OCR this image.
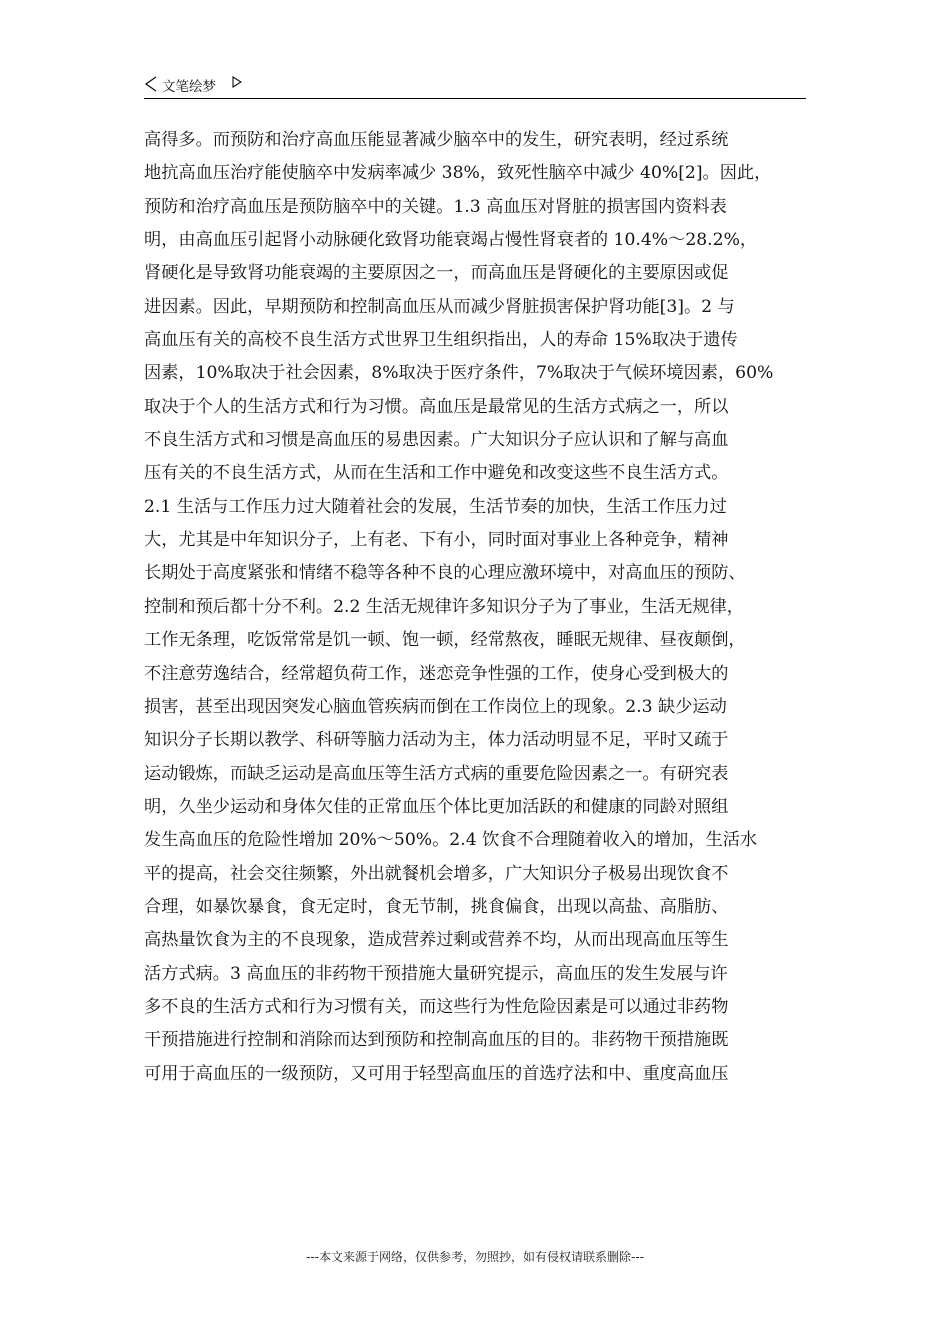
文笔绘梦
高得多。而预防和治疗高血压能显著减少脑卒中的发生，研究表明，经过系统
地抗高血压治疗能使脑卒中发病率减少 38%，致死性脑卒中减少 40%[2]。因此，
预防和治疗高血压是预防脑卒中的关键。1.3 高血压对肾脏的损害国内资料表
明，由高血压引起肾小动脉硬化致肾功能衰竭占慢性肾衰者的 10.4%～28.2%，
肾硬化是导致肾功能衰竭的主要原因之一，而高血压是肾硬化的主要原因或促
进因素。因此，早期预防和控制高血压从而减少肾脏损害保护肾功能[3]。2 与
高血压有关的高校不良生活方式世界卫生组织指出，人的寿命 15%取决于遗传
因素，10%取决于社会因素，8%取决于医疗条件，7%取决于气候环境因素，60%
取决于个人的生活方式和行为习惯。高血压是最常见的生活方式病之一，所以
不良生活方式和习惯是高血压的易患因素。广大知识分子应认识和了解与高血
压有关的不良生活方式，从而在生活和工作中避免和改变这些不良生活方式。
2.1 生活与工作压力过大随着社会的发展，生活节奏的加快，生活工作压力过
大，尤其是中年知识分子，上有老、下有小，同时面对事业上各种竞争，精神
长期处于高度紧张和情绪不稳等各种不良的心理应激环境中，对高血压的预防、
控制和预后都十分不利。2.2 生活无规律许多知识分子为了事业，生活无规律，
工作无条理，吃饭常常是饥一顿、饱一顿，经常熬夜，睡眠无规律、昼夜颠倒，
不注意劳逸结合，经常超负荷工作，迷恋竞争性强的工作，使身心受到极大的
损害，甚至出现因突发心脑血管疾病而倒在工作岗位上的现象。2.3 缺少运动
知识分子长期以教学、科研等脑力活动为主，体力活动明显不足，平时又疏于
运动锻炼，而缺乏运动是高血压等生活方式病的重要危险因素之一。有研究表
明，久坐少运动和身体欠佳的正常血压个体比更加活跃的和健康的同龄对照组
发生高血压的危险性增加 20%～50%。2.4 饮食不合理随着收入的增加，生活水
平的提高，社会交往频繁，外出就餐机会增多，广大知识分子极易出现饮食不
合理，如暴饮暴食，食无定时，食无节制，挑食偏食，出现以高盐、高脂肪、
高热量饮食为主的不良现象，造成营养过剩或营养不均，从而出现高血压等生
活方式病。3 高血压的非药物干预措施大量研究提示，高血压的发生发展与许
多不良的生活方式和行为习惯有关，而这些行为性危险因素是可以通过非药物
干预措施进行控制和消除而达到预防和控制高血压的目的。非药物干预措施既
可用于高血压的一级预防，又可用于轻型高血压的首选疗法和中、重度高血压
---本文来源于网络，仅供参考，勿照抄，如有侵权请联系删除---
